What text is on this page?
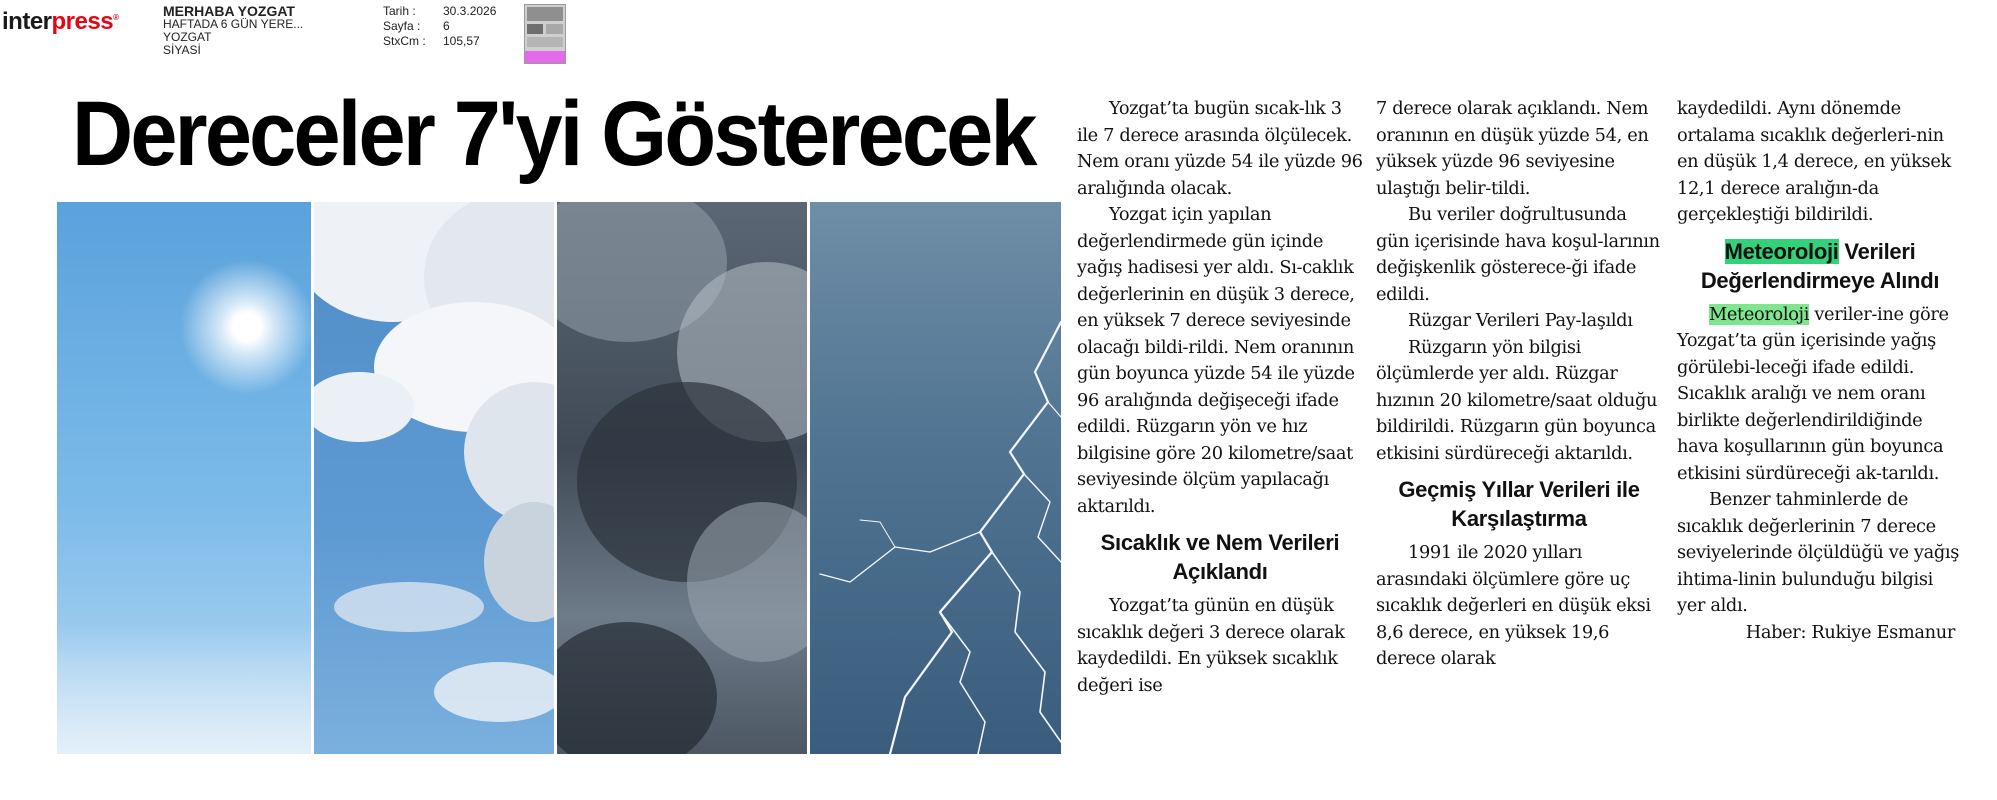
interpress®	MERHABA YOZGAT
HAFTADA 6 GÜN YERE...
YOZGAT
SİYASİ
Tarih :	30.3.2026
Sayfa :	6
StxCm :	105,57
Dereceler 7'yi Gösterecek	Yozgat’ta bugün sıcak-lık 3 ile 7 derece arasında ölçülecek. Nem oranı yüzde 54 ile yüzde 96 aralığında olacak.

Yozgat için yapılan değerlendirmede gün içinde yağış hadisesi yer aldı. Sı-caklık değerlerinin en düşük 3 derece, en yüksek 7 derece seviyesinde olacağı bildi-rildi. Nem oranının gün boyunca yüzde 54 ile yüzde 96 aralığında değişeceği ifade edildi. Rüzgarın yön ve hız bilgisine göre 20 kilometre/saat seviyesinde ölçüm yapılacağı aktarıldı.

Sıcaklık ve Nem Verileri Açıklandı

Yozgat’ta günün en düşük sıcaklık değeri 3 derece olarak kaydedildi. En yüksek sıcaklık değeri ise

7 derece olarak açıklandı. Nem oranının en düşük yüzde 54, en yüksek yüzde 96 seviyesine ulaştığı belir-tildi.

Bu veriler doğrultusunda gün içerisinde hava koşul-larının değişkenlik gösterece-ği ifade edildi.

Rüzgar Verileri Pay-laşıldı

Rüzgarın yön bilgisi ölçümlerde yer aldı. Rüzgar hızının 20 kilometre/saat olduğu bildirildi. Rüzgarın gün boyunca etkisini sürdüreceği aktarıldı.

Geçmiş Yıllar Verileri ile Karşılaştırma

1991 ile 2020 yılları arasındaki ölçümlere göre uç sıcaklık değerleri en düşük eksi 8,6 derece, en yüksek 19,6 derece olarak

kaydedildi. Aynı dönemde ortalama sıcaklık değerleri-nin en düşük 1,4 derece, en yüksek 12,1 derece aralığın-da gerçekleştiği bildirildi.

Meteoroloji Verileri Değerlendirmeye Alındı

Meteoroloji veriler-ine göre Yozgat’ta gün içerisinde yağış görülebi-leceği ifade edildi. Sıcaklık aralığı ve nem oranı birlikte değerlendirildiğinde hava koşullarının gün boyunca etkisini sürdüreceği ak-tarıldı.

Benzer tahminlerde de sıcaklık değerlerinin 7 derece seviyelerinde ölçüldüğü ve yağış ihtima-linin bulunduğu bilgisi yer aldı.

Haber: Rukiye Esmanur
